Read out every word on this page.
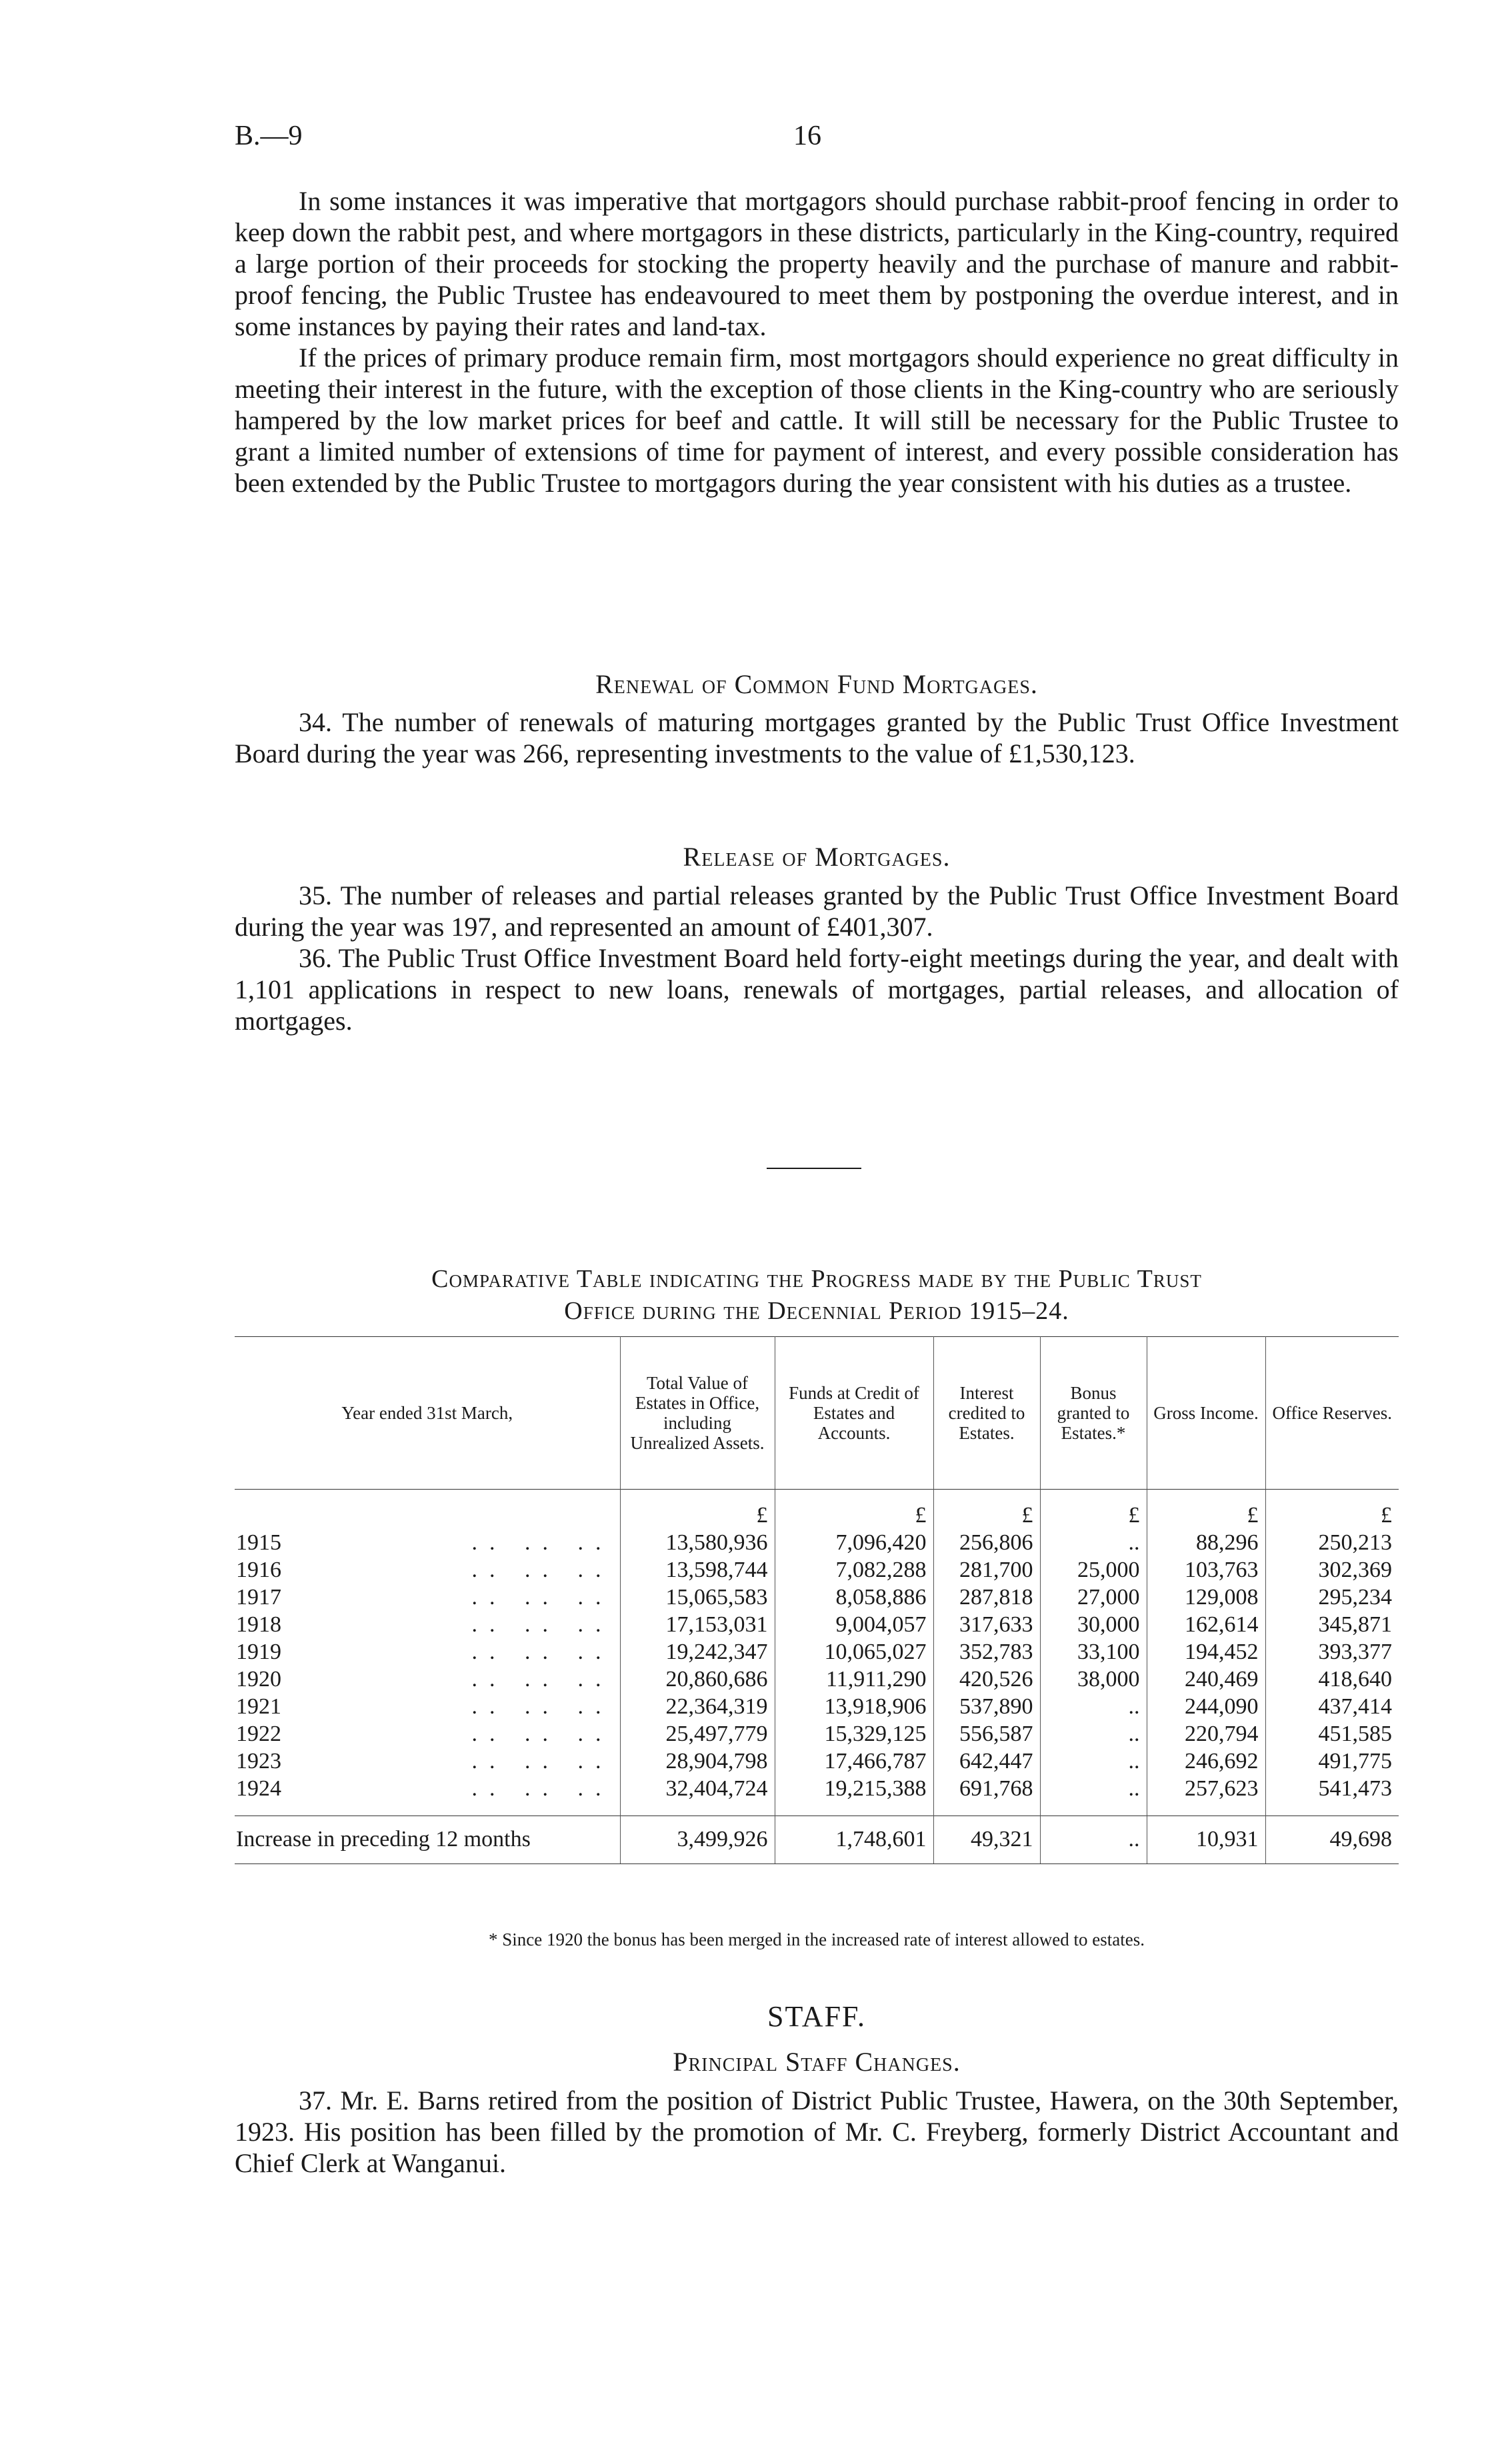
B.—9	16

In some instances it was imperative that mortgagors should purchase rabbit-proof fencing in order to keep down the rabbit pest, and where mortgagors in these districts, particularly in the King-country, required a large portion of their proceeds for stocking the property heavily and the purchase of manure and rabbit-proof fencing, the Public Trustee has endeavoured to meet them by postponing the overdue interest, and in some instances by paying their rates and land-tax.

If the prices of primary produce remain firm, most mortgagors should experience no great difficulty in meeting their interest in the future, with the exception of those clients in the King-country who are seriously hampered by the low market prices for beef and cattle. It will still be necessary for the Public Trustee to grant a limited number of extensions of time for payment of interest, and every possible consideration has been extended by the Public Trustee to mortgagors during the year consistent with his duties as a trustee.

Renewal of Common Fund Mortgages.

34. The number of renewals of maturing mortgages granted by the Public Trust Office Investment Board during the year was 266, representing investments to the value of £1,530,123.

Release of Mortgages.

35. The number of releases and partial releases granted by the Public Trust Office Investment Board during the year was 197, and represented an amount of £401,307.

36. The Public Trust Office Investment Board held forty-eight meetings during the year, and dealt with 1,101 applications in respect to new loans, renewals of mortgages, partial releases, and allocation of mortgages.

Comparative Table indicating the Progress made by the Public Trust
Office during the Decennial Period 1915–24.
Year ended 31st March,	Total Value of Estates in Office, including Unrealized Assets.	Funds at Credit of Estates and Accounts.	Interest credited to Estates.	Bonus granted to Estates.*	Gross Income.	Office Reserves.
	£	£	£	£	£	£
1915 .. .. ..	13,580,936	7,096,420	256,806	..	88,296	250,213
1916 .. .. ..	13,598,744	7,082,288	281,700	25,000	103,763	302,369
1917 .. .. ..	15,065,583	8,058,886	287,818	27,000	129,008	295,234
1918 .. .. ..	17,153,031	9,004,057	317,633	30,000	162,614	345,871
1919 .. .. ..	19,242,347	10,065,027	352,783	33,100	194,452	393,377
1920 .. .. ..	20,860,686	11,911,290	420,526	38,000	240,469	418,640
1921 .. .. ..	22,364,319	13,918,906	537,890	..	244,090	437,414
1922 .. .. ..	25,497,779	15,329,125	556,587	..	220,794	451,585
1923 .. .. ..	28,904,798	17,466,787	642,447	..	246,692	491,775
1924 .. .. ..	32,404,724	19,215,388	691,768	..	257,623	541,473

Increase in preceding 12 months	3,499,926	1,748,601	49,321	..	10,931	49,698
* Since 1920 the bonus has been merged in the increased rate of interest allowed to estates.
STAFF.
Principal Staff Changes.

37. Mr. E. Barns retired from the position of District Public Trustee, Hawera, on the 30th September, 1923. His position has been filled by the promotion of Mr. C. Freyberg, formerly District Accountant and Chief Clerk at Wanganui.
